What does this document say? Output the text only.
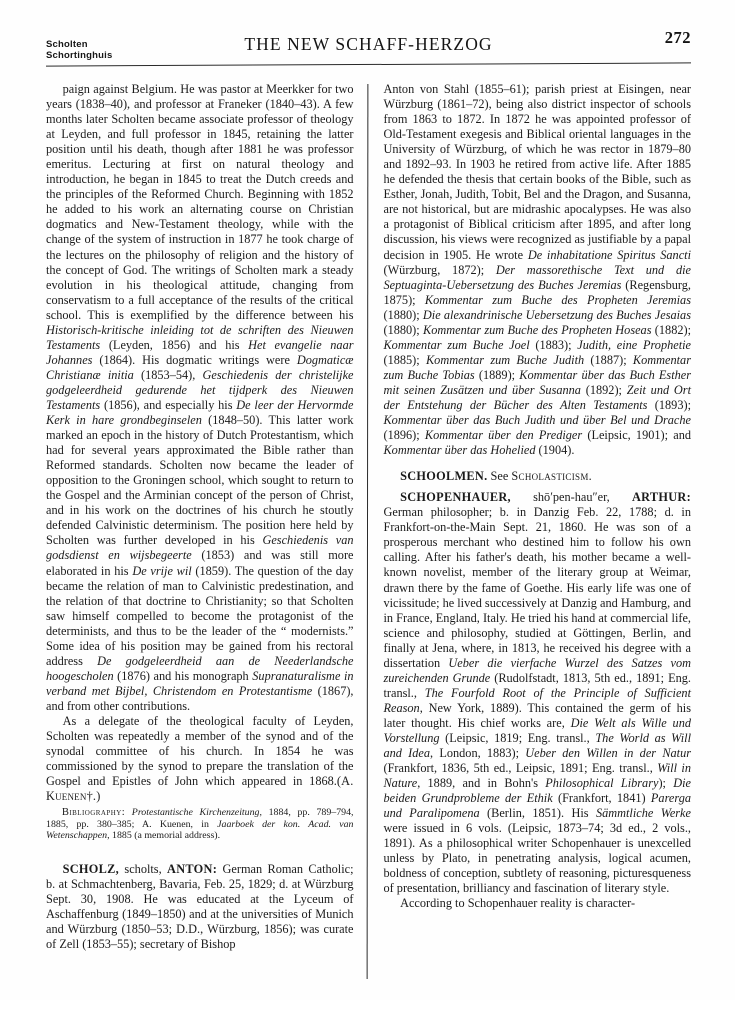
Scholten
Schortinghuis
THE NEW SCHAFF-HERZOG	272

paign against Belgium. He was pastor at Meerkker for two years (1838–40), and professor at Franeker (1840–43). A few months later Scholten became associate professor of theology at Leyden, and full professor in 1845, retaining the latter position until his death, though after 1881 he was professor emeritus. Lecturing at first on natural theology and introduction, he began in 1845 to treat the Dutch creeds and the principles of the Reformed Church. Beginning with 1852 he added to his work an alternating course on Christian dogmatics and New-Testament theology, while with the change of the system of instruction in 1877 he took charge of the lectures on the philosophy of religion and the history of the concept of God. The writings of Scholten mark a steady evolution in his theological attitude, changing from conservatism to a full acceptance of the results of the critical school. This is exemplified by the difference between his Historisch-kritische inleiding tot de schriften des Nieuwen Testaments (Leyden, 1856) and his Het evangelie naar Johannes (1864). His dogmatic writings were Dogmaticæ Christianæ initia (1853–54), Geschiedenis der christelijke godgeleerdheid gedurende het tijdperk des Nieuwen Testaments (1856), and especially his De leer der Hervormde Kerk in hare grondbeginselen (1848–50). This latter work marked an epoch in the history of Dutch Protestantism, which had for several years approximated the Bible rather than Reformed standards. Scholten now became the leader of opposition to the Groningen school, which sought to return to the Gospel and the Arminian concept of the person of Christ, and in his work on the doctrines of his church he stoutly defended Calvinistic determinism. The position here held by Scholten was further developed in his Geschiedenis van godsdienst en wijsbegeerte (1853) and was still more elaborated in his De vrije wil (1859). The question of the day became the relation of man to Calvinistic predestination, and the relation of that doctrine to Christianity; so that Scholten saw himself compelled to become the protagonist of the determinists, and thus to be the leader of the “ modernists.” Some idea of his position may be gained from his rectoral address De godgeleerdheid aan de Neederlandsche hoogescholen (1876) and his monograph Supranaturalisme in verband met Bijbel, Christendom en Protestantisme (1867), and from other contributions.

As a delegate of the theological faculty of Leyden, Scholten was repeatedly a member of the synod and of the synodal committee of his church. In 1854 he was commissioned by the synod to prepare the translation of the Gospel and Epistles of John which appeared in 1868.(A. Kuenen†.)

Bibliography: Protestantische Kirchenzeitung, 1884, pp. 789–794, 1885, pp. 380–385; A. Kuenen, in Jaarboek der kon. Acad. van Wetenschappen, 1885 (a memorial address).

SCHOLZ, scholts, ANTON: German Roman Catholic; b. at Schmachtenberg, Bavaria, Feb. 25, 1829; d. at Würzburg Sept. 30, 1908. He was educated at the Lyceum of Aschaffenburg (1849–1850) and at the universities of Munich and Würzburg (1850–53; D.D., Würzburg, 1856); was curate of Zell (1853–55); secretary of Bishop

Anton von Stahl (1855–61); parish priest at Eisingen, near Würzburg (1861–72), being also district inspector of schools from 1863 to 1872. In 1872 he was appointed professor of Old-Testament exegesis and Biblical oriental languages in the University of Würzburg, of which he was rector in 1879–80 and 1892–93. In 1903 he retired from active life. After 1885 he defended the thesis that certain books of the Bible, such as Esther, Jonah, Judith, Tobit, Bel and the Dragon, and Susanna, are not historical, but are midrashic apocalypses. He was also a protagonist of Biblical criticism after 1895, and after long discussion, his views were recognized as justifiable by a papal decision in 1905. He wrote De inhabitatione Spiritus Sancti (Würzburg, 1872); Der massorethische Text und die Septuaginta-Uebersetzung des Buches Jeremias (Regensburg, 1875); Kommentar zum Buche des Propheten Jeremias (1880); Die alexandrinische Uebersetzung des Buches Jesaias (1880); Kommentar zum Buche des Propheten Hoseas (1882); Kommentar zum Buche Joel (1883); Judith, eine Prophetie (1885); Kommentar zum Buche Judith (1887); Kommentar zum Buche Tobias (1889); Kommentar über das Buch Esther mit seinen Zusätzen und über Susanna (1892); Zeit und Ort der Entstehung der Bücher des Alten Testaments (1893); Kommentar über das Buch Judith und über Bel und Drache (1896); Kommentar über den Prediger (Leipsic, 1901); and Kommentar über das Hohelied (1904).

SCHOOLMEN. See Scholasticism.

SCHOPENHAUER, shō′pen-hau″er, ARTHUR: German philosopher; b. in Danzig Feb. 22, 1788; d. in Frankfort-on-the-Main Sept. 21, 1860. He was son of a prosperous merchant who destined him to follow his own calling. After his father's death, his mother became a well-known novelist, member of the literary group at Weimar, drawn there by the fame of Goethe. His early life was one of vicissitude; he lived successively at Danzig and Hamburg, and in France, England, Italy. He tried his hand at commercial life, science and philosophy, studied at Göttingen, Berlin, and finally at Jena, where, in 1813, he received his degree with a dissertation Ueber die vierfache Wurzel des Satzes vom zureichenden Grunde (Rudolfstadt, 1813, 5th ed., 1891; Eng. transl., The Fourfold Root of the Principle of Sufficient Reason, New York, 1889). This contained the germ of his later thought. His chief works are, Die Welt als Wille und Vorstellung (Leipsic, 1819; Eng. transl., The World as Will and Idea, London, 1883); Ueber den Willen in der Natur (Frankfort, 1836, 5th ed., Leipsic, 1891; Eng. transl., Will in Nature, 1889, and in Bohn's Philosophical Library); Die beiden Grundprobleme der Ethik (Frankfort, 1841) Parerga und Paralipomena (Berlin, 1851). His Sämmtliche Werke were issued in 6 vols. (Leipsic, 1873–74; 3d ed., 2 vols., 1891). As a philosophical writer Schopenhauer is unexcelled unless by Plato, in penetrating analysis, logical acumen, boldness of conception, subtlety of reasoning, picturesqueness of presentation, brilliancy and fascination of literary style.

According to Schopenhauer reality is character-
